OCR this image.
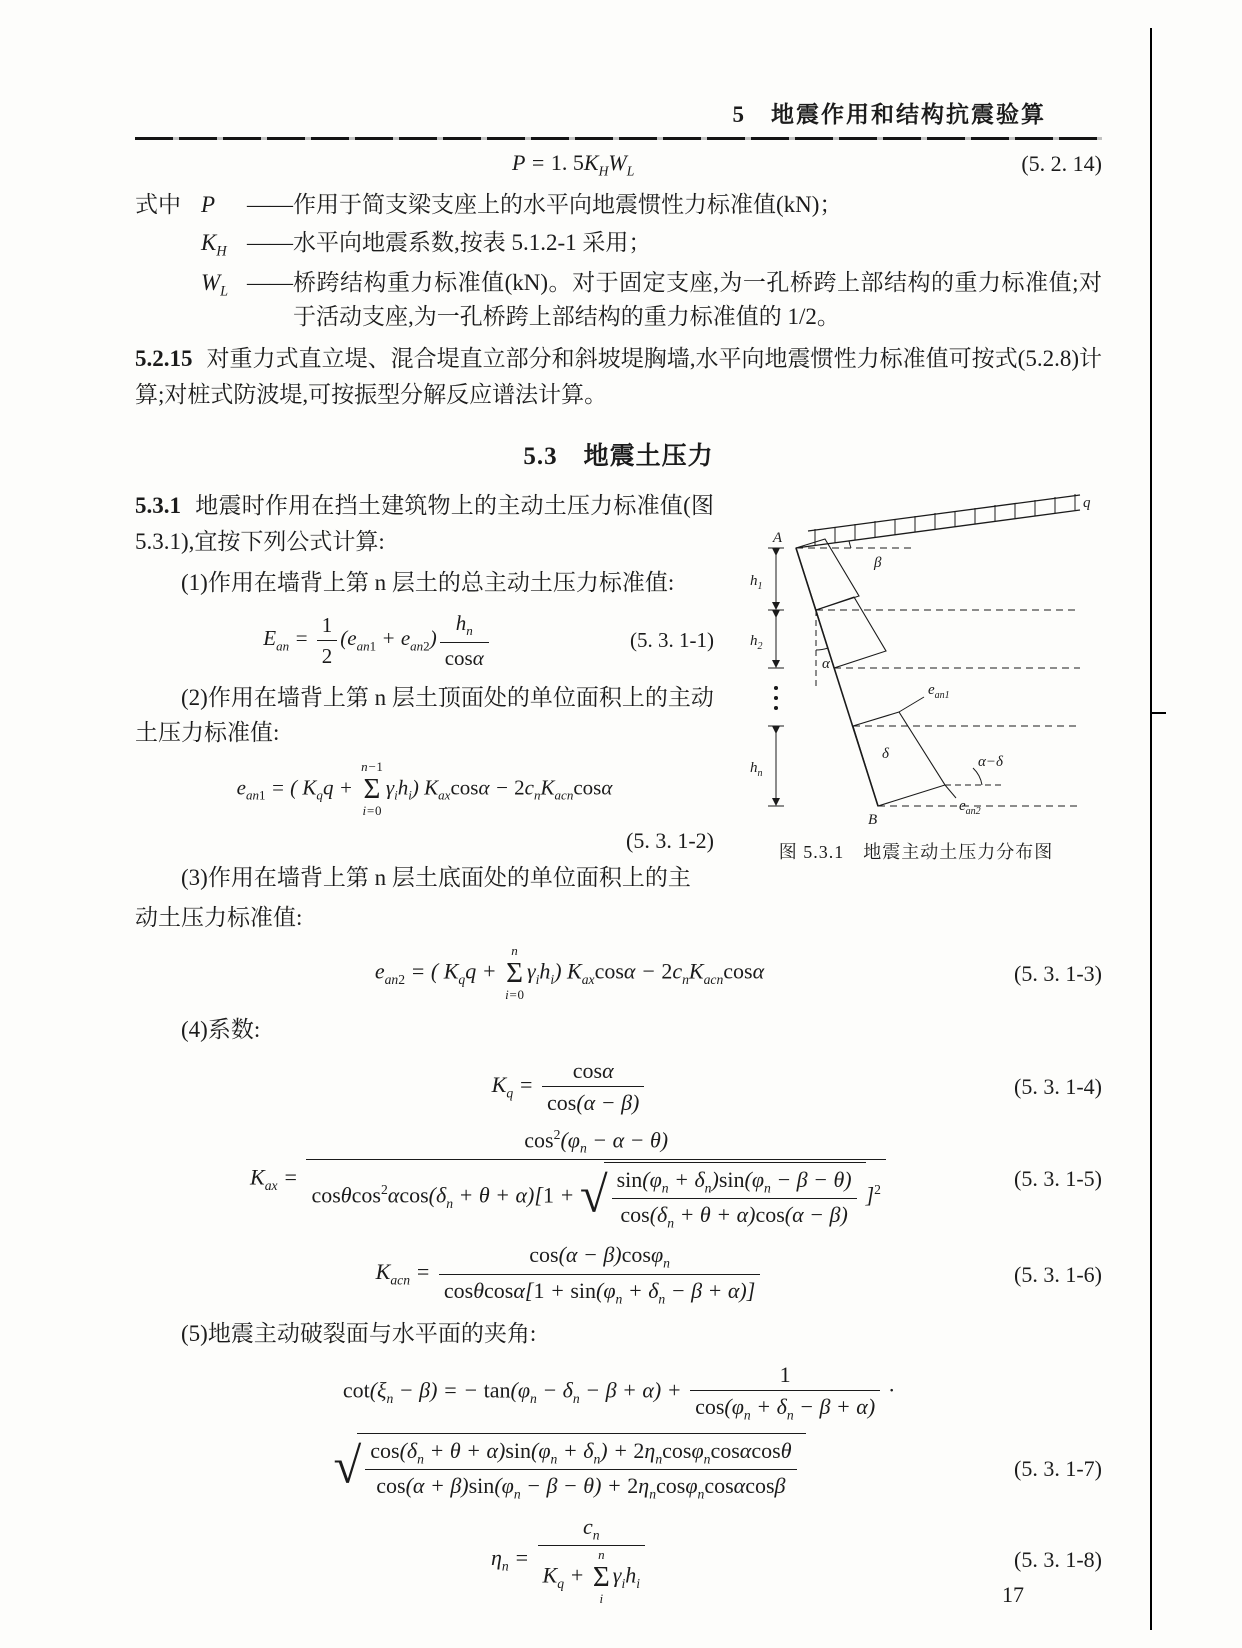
5　地震作用和结构抗震验算
P = 1. $5K_HW_L$	(5. 2. 14)
式中 P	—— 作用于简支梁支座上的水平向地震惯性力标准值(kN)；
$K_H$ —— 水平向地震系数,按表 5.1.2-1 采用；
$W_L$ —— 桥跨结构重力标准值(kN)。对于固定支座,为一孔桥跨上部结构的重力标准值;对于活动支座,为一孔桥跨上部结构的重力标准值的 1/2。

5.2.15 对重力式直立堤、混合堤直立部分和斜坡堤胸墙,水平向地震惯性力标准值可按式(5.2.8)计算;对桩式防波堤,可按振型分解反应谱法计算。

5.3　地震土压力
q
A
β
$h_1$
$h_2$
$h_n$
α
$e_{an1}$
$e_{an2}$
δ	α−δ
B
图 5.3.1　地震主动土压力分布图

5.3.1 地震时作用在挡土建筑物上的主动土压力标准值(图 5.3.1),宜按下列公式计算:

(1)作用在墙背上第 n 层土的总主动土压力标准值:

$E_{an} = \frac{1}{2} (e_{an1} + e_{an2}) \frac{h_n}{\cos\alpha}$	(5. 3. 1-1)

(2)作用在墙背上第 n 层土顶面处的单位面积上的主动土压力标准值:

$e_{an1}$ = ( $K_qq$ +
n−1
Σ
i=0
$\gamma_ih_i$) $K_{ax}\cos\alpha - 2c_nK_{acn}\cos\alpha$
(5. 3. 1-2)

(3)作用在墙背上第 n 层土底面处的单位面积上的主

动土压力标准值:

$e_{an2}$ = ( $K_qq$ +
n
Σ
i=0
$\gamma_ih_i$) $K_{ax}\cos\alpha - 2c_nK_{acn}\cos\alpha$	(5. 3. 1-3)

(4)系数:

$K_q = \frac{\cos\alpha}{\cos(\alpha - \beta)}$	(5. 3. 1-4)
$K_{ax}$ =
$\cos^2(\varphi_n - \alpha - \theta)$
$\cos\theta\cos^2\alpha\cos(\delta_n + \theta + \alpha)[1$ + √ $\frac{\sin(\varphi_n + \delta_n)\sin(\varphi_n - \beta - \theta)}{\cos(\delta_n + \theta + \alpha)\cos(\alpha - \beta)} ]^2$	(5. 3. 1-5)
$K_{acn} = \frac{\cos(\alpha - \beta)\cos\varphi_n}{\cos\theta\cos\alpha[1 + \sin(\varphi_n + \delta_n - \beta + \alpha)]}$	(5. 3. 1-6)

(5)地震主动破裂面与水平面的夹角:

$\cot(\xi_n - \beta)$ = − $\tan(\varphi_n - \delta_n - \beta + \alpha) + \frac{1}{\cos(\varphi_n + \delta_n - \beta + \alpha)}$ ·
√ $\frac{\cos(\delta_n + \theta + \alpha)\sin(\varphi_n + \delta_n) + 2\eta_n\cos\varphi_n\cos\alpha\cos\theta}{\cos(\alpha + \beta)\sin(\varphi_n - \beta - \theta) + 2\eta_n\cos\varphi_n\cos\alpha\cos\beta}$	(5. 3. 1-7)
$\eta_n = c_n$
$K_q$ +
n
Σ
i
$\gamma_ih_i$	(5. 3. 1-8)
17
